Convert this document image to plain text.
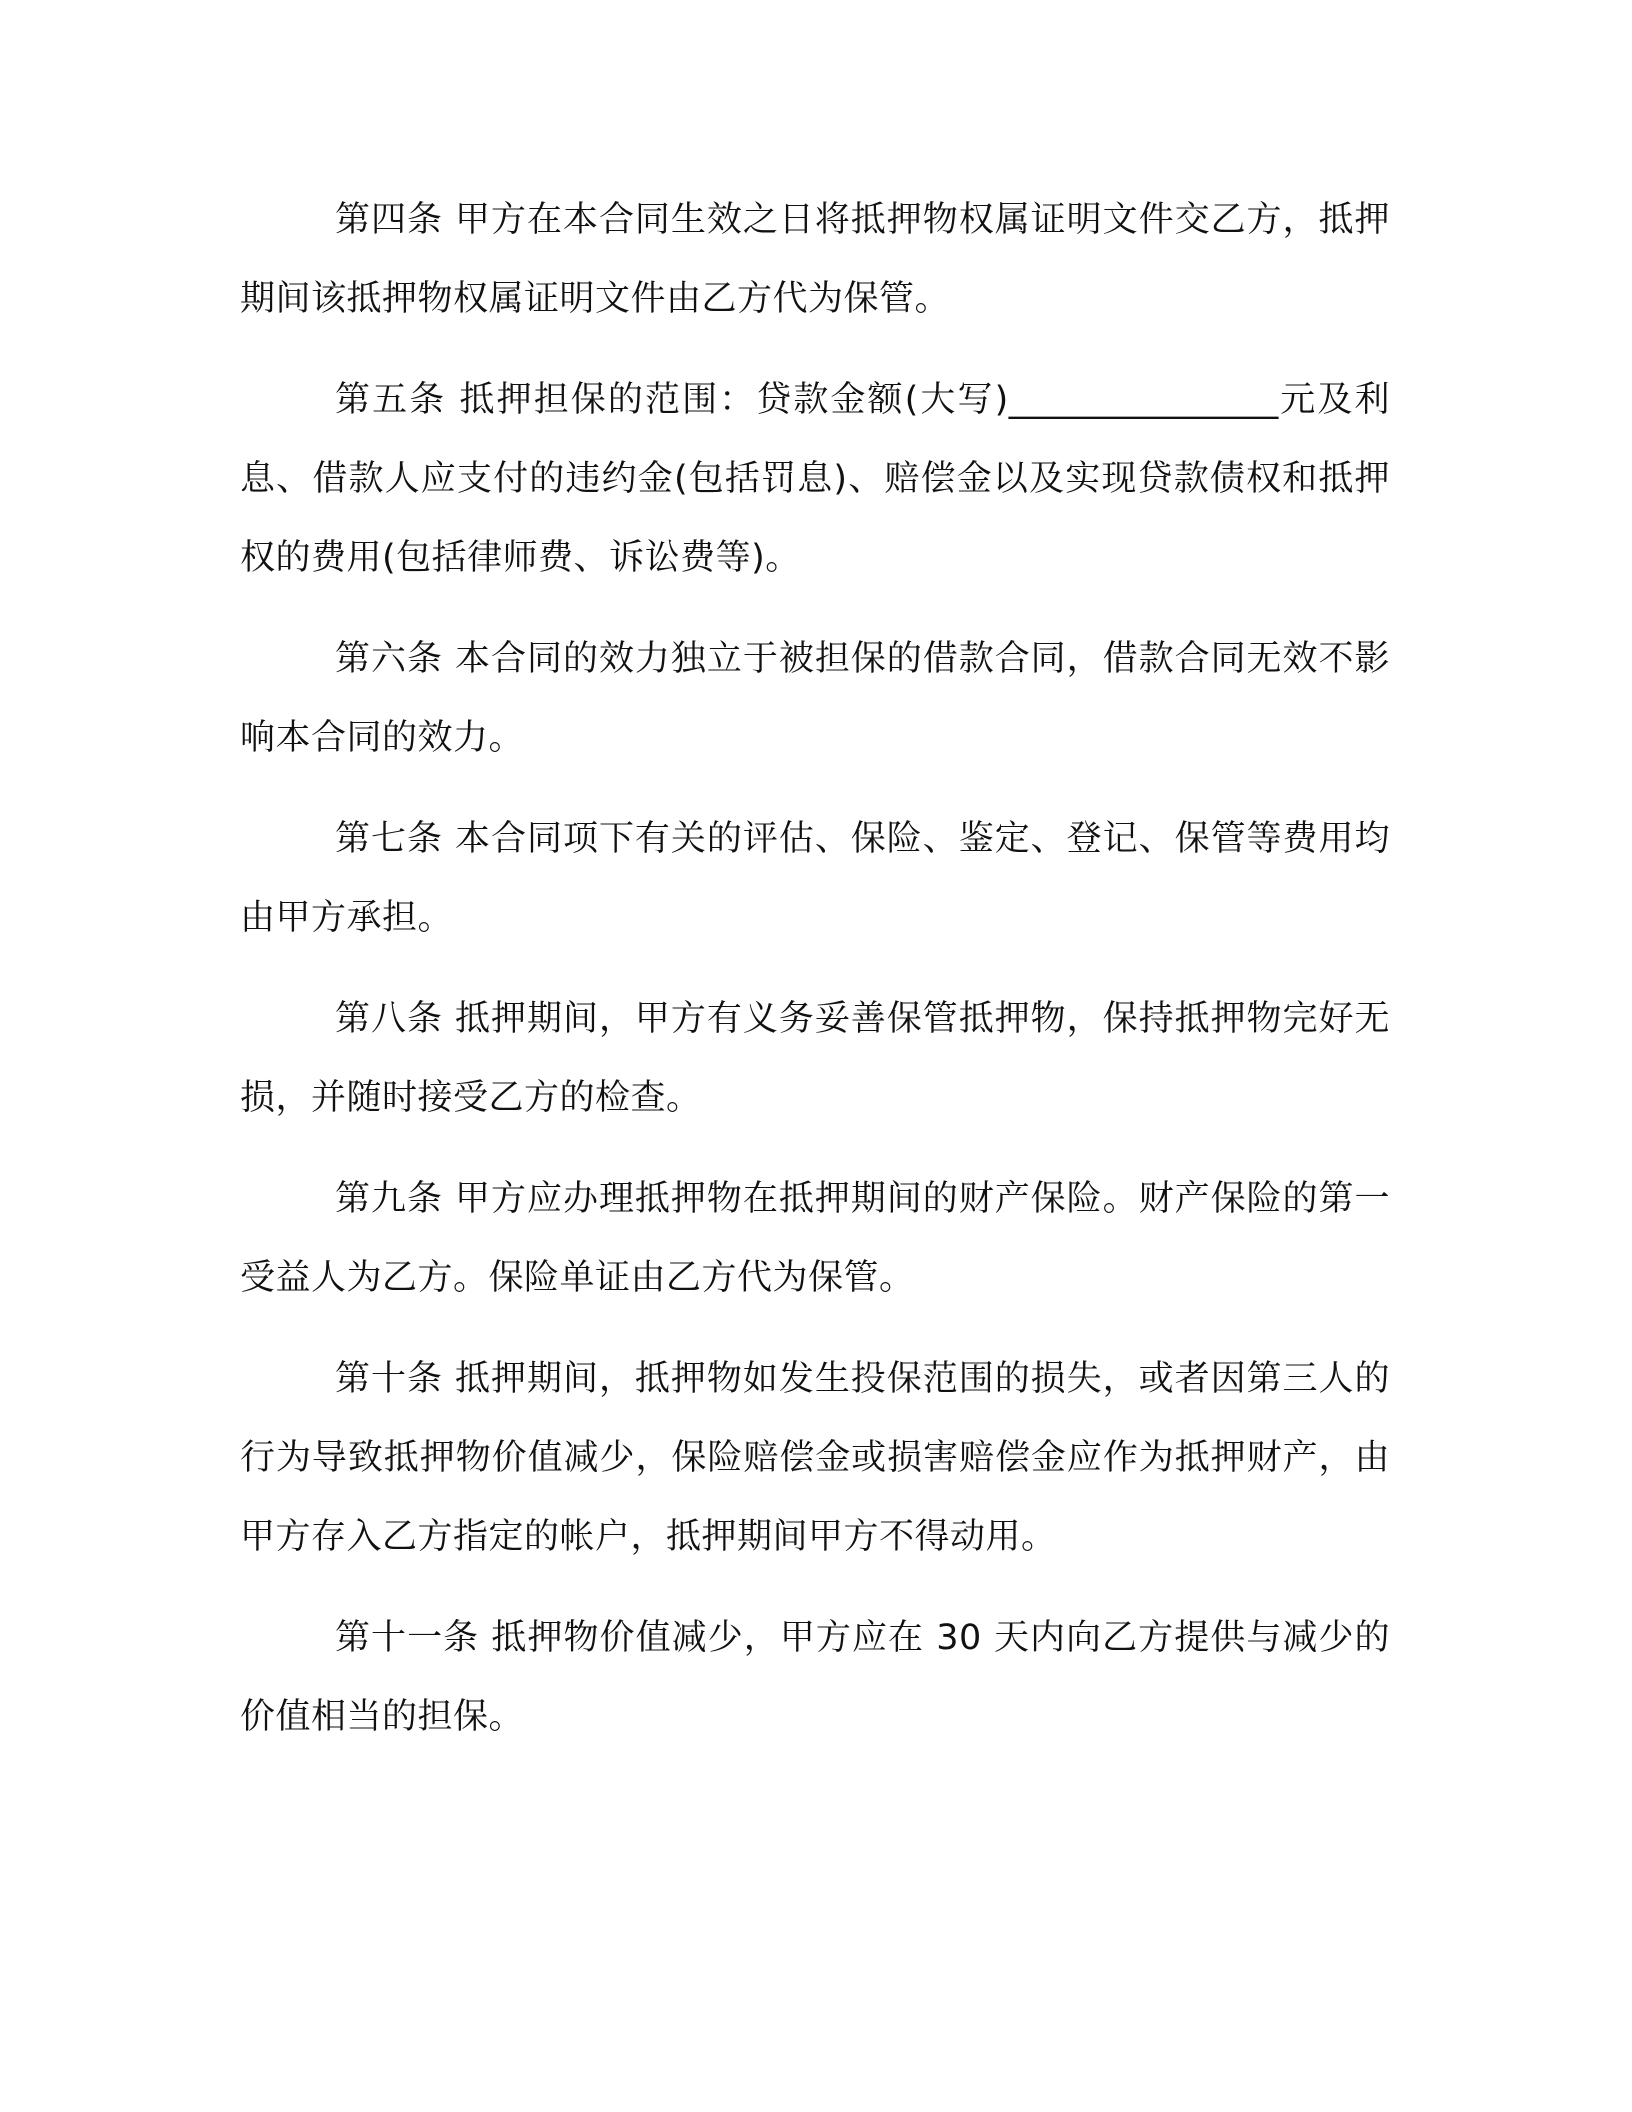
第四条 甲方在本合同生效之日将抵押物权属证明文件交乙方，抵押期间该抵押物权属证明文件由乙方代为保管。

第五条 抵押担保的范围：贷款金额(大写)_______________元及利息、借款人应支付的违约金(包括罚息)、赔偿金以及实现贷款债权和抵押权的费用(包括律师费、诉讼费等)。

第六条 本合同的效力独立于被担保的借款合同，借款合同无效不影响本合同的效力。

第七条 本合同项下有关的评估、保险、鉴定、登记、保管等费用均由甲方承担。

第八条 抵押期间，甲方有义务妥善保管抵押物，保持抵押物完好无损，并随时接受乙方的检查。

第九条 甲方应办理抵押物在抵押期间的财产保险。财产保险的第一受益人为乙方。保险单证由乙方代为保管。

第十条 抵押期间，抵押物如发生投保范围的损失，或者因第三人的行为导致抵押物价值减少，保险赔偿金或损害赔偿金应作为抵押财产，由甲方存入乙方指定的帐户，抵押期间甲方不得动用。

第十一条 抵押物价值减少，甲方应在 30 天内向乙方提供与减少的价值相当的担保。
